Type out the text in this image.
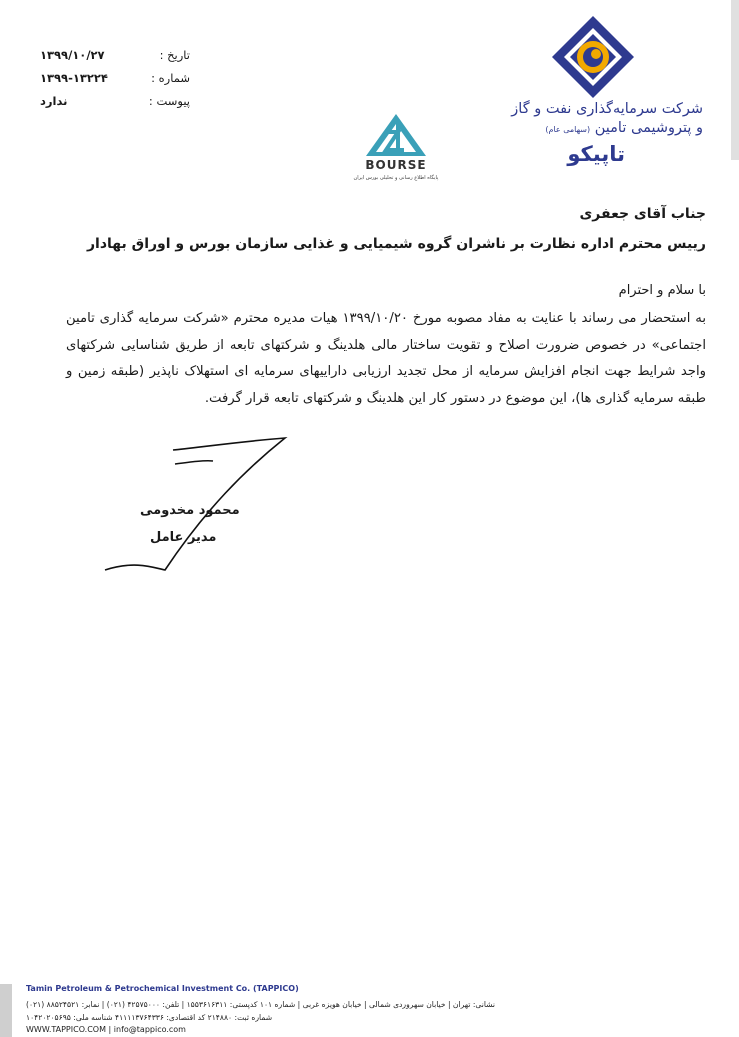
تاریخ :
۱۳۹۹/۱۰/۲۷
شماره :
۱۳۹۹-۱۳۲۲۴
پیوست :
ندارد	شرکت سرمایه‌گذاری نفت و گاز
و پتروشیمی تامین (سهامی عام)
تاپیکو
BOURSE
پایگاه اطلاع رسانی و تحلیلی بورس ایران
جناب آقای جعفری
رییس محترم اداره نظارت بر ناشران گروه شیمیایی و غذایی سازمان بورس و اوراق بهادار
با سلام و احترام
به استحضار می رساند با عنایت به مفاد مصوبه مورخ ۱۳۹۹/۱۰/۲۰ هیات مدیره محترم «شرکت سرمایه گذاری تامین اجتماعی» در خصوص ضرورت اصلاح و تقویت ساختار مالی هلدینگ و شرکتهای تابعه از طریق شناسایی شرکتهای واجد شرایط جهت انجام افزایش سرمایه از محل تجدید ارزیابی داراییهای سرمایه ای استهلاک ناپذیر (طبقه زمین و طبقه سرمایه گذاری ها)، این موضوع در دستور کار این هلدینگ و شرکتهای تابعه قرار گرفت.
محمود مخدومی
مدیر عامل
Tamin Petroleum & Petrochemical Investment Co. (TAPPICO)
نشانی: تهران | خیابان سهروردی شمالی | خیابان هویزه غربی | شماره ۱۰۱ کدپستی: ۱۵۵۳۶۱۶۳۱۱ | تلفن: ۴۲۵۷۵۰۰۰ (۰۲۱) | نمابر: ۸۸۵۲۴۵۲۱ (۰۲۱)
شماره ثبت: ۲۱۴۸۸۰ کد اقتصادی: ۴۱۱۱۱۳۷۶۴۳۳۶ شناسه ملی: ۱۰۴۲۰۲۰۵۶۹۵
WWW.TAPPICO.COM | info@tappico.com
